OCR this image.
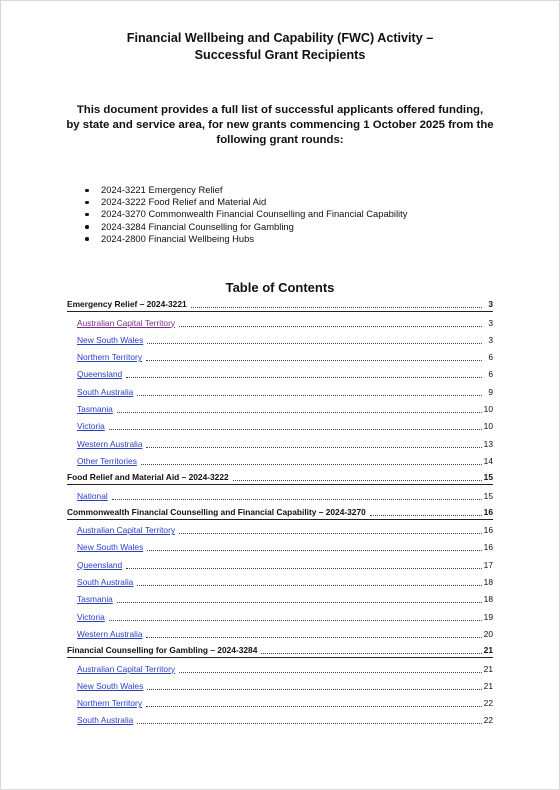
Financial Wellbeing and Capability (FWC) Activity –
Successful Grant Recipients
This document provides a full list of successful applicants offered funding,
by state and service area, for new grants commencing 1 October 2025 from the
following grant rounds:
2024-3221 Emergency Relief
2024-3222 Food Relief and Material Aid
2024-3270 Commonwealth Financial Counselling and Financial Capability
2024-3284 Financial Counselling for Gambling
2024-2800 Financial Wellbeing Hubs
Table of Contents
Emergency Relief – 2024-3221	3
Australian Capital Territory	3
New South Wales	3
Northern Territory	6
Queensland	6
South Australia	9
Tasmania	10
Victoria	10
Western Australia	13
Other Territories	14
Food Relief and Material Aid – 2024-3222	15
National	15
Commonwealth Financial Counselling and Financial Capability – 2024-3270	16
Australian Capital Territory	16
New South Wales	16
Queensland	17
South Australia	18
Tasmania	18
Victoria	19
Western Australia	20
Financial Counselling for Gambling – 2024-3284	21
Australian Capital Territory	21
New South Wales	21
Northern Territory	22
South Australia	22
